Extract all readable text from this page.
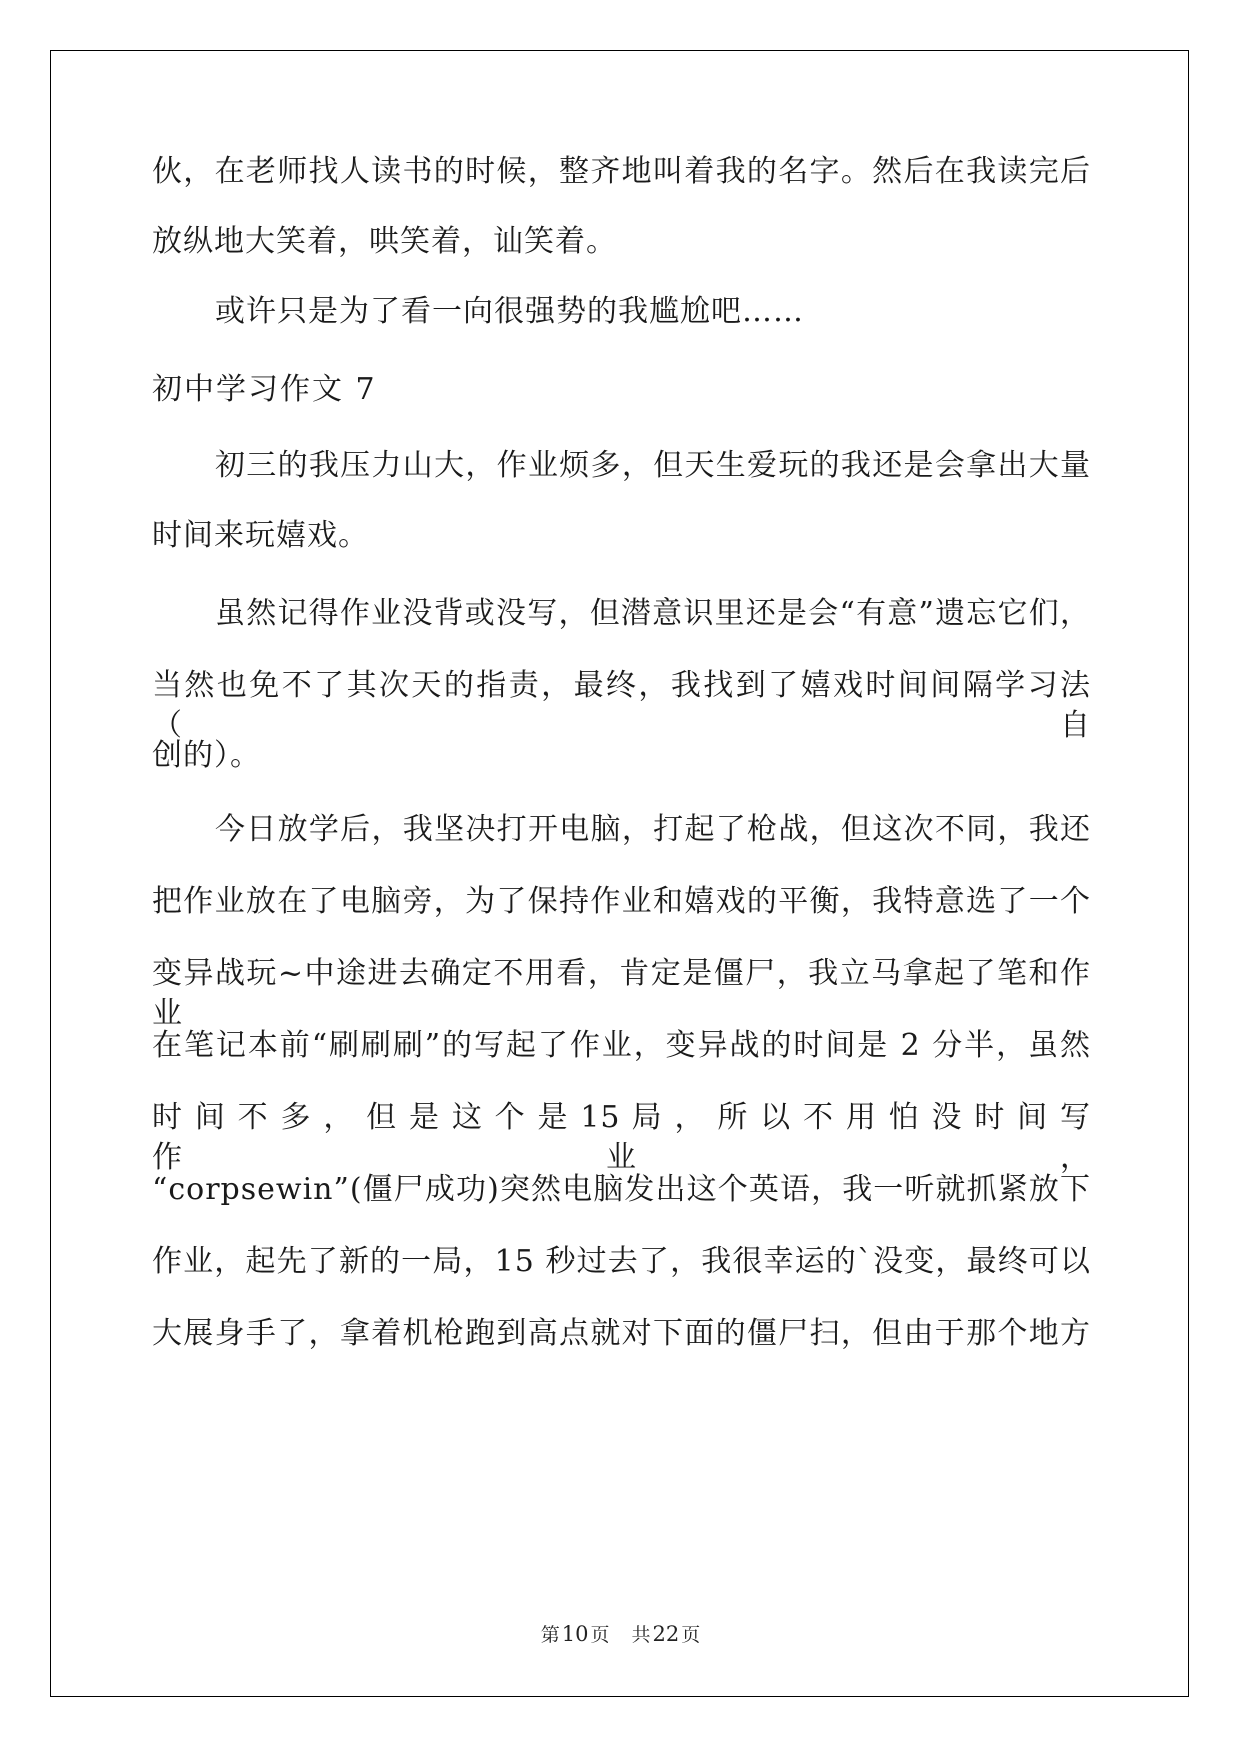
伙，在老师找人读书的时候，整齐地叫着我的名字。然后在我读完后
放纵地大笑着，哄笑着，讪笑着。
或许只是为了看一向很强势的我尴尬吧……
初中学习作文 7
初三的我压力山大，作业烦多，但天生爱玩的我还是会拿出大量
时间来玩嬉戏。
虽然记得作业没背或没写，但潜意识里还是会“有意”遗忘它们，
当然也免不了其次天的指责，最终，我找到了嬉戏时间间隔学习法（自
创的）。
今日放学后，我坚决打开电脑，打起了枪战，但这次不同，我还
把作业放在了电脑旁，为了保持作业和嬉戏的平衡，我特意选了一个
变异战玩~中途进去确定不用看，肯定是僵尸，我立马拿起了笔和作业
在笔记本前“刷刷刷”的写起了作业，变异战的时间是 2 分半，虽然
时 间 不 多 ， 但 是 这 个 是 15 局 ， 所 以 不 用 怕 没 时 间 写 作 业 ，
“corpsewin”(僵尸成功)突然电脑发出这个英语，我一听就抓紧放下
作业，起先了新的一局，15 秒过去了，我很幸运的`没变，最终可以
大展身手了，拿着机枪跑到高点就对下面的僵尸扫，但由于那个地方
第10 页 共22 页
